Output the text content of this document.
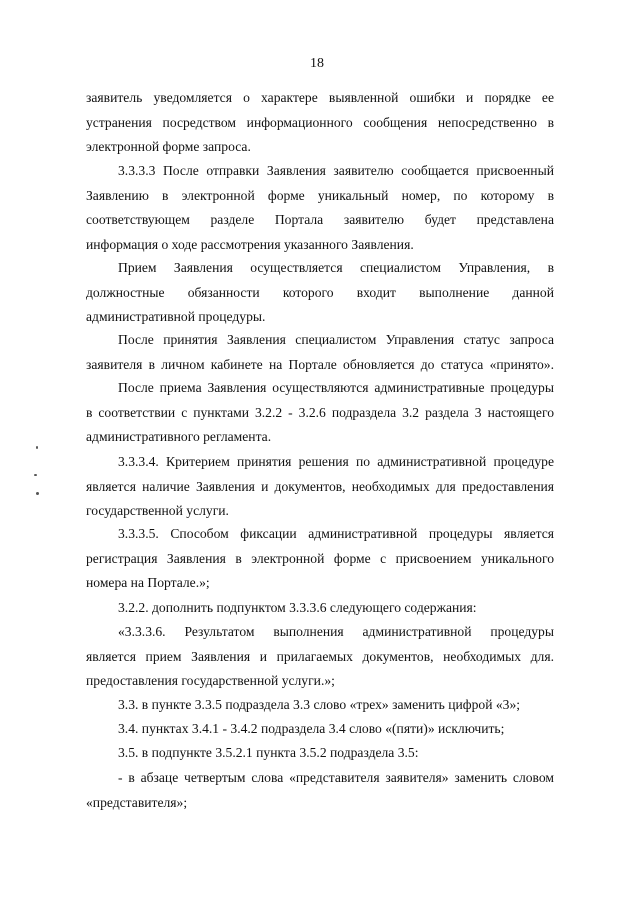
18
заявитель уведомляется о характере выявленной ошибки и порядке ее
устранения посредством информационного сообщения непосредственно в
электронной форме запроса.
3.3.3.3 После отправки Заявления заявителю сообщается присвоенный
Заявлению в электронной форме уникальный номер, по которому в
соответствующем разделе Портала заявителю будет представлена
информация о ходе рассмотрения указанного Заявления.
Прием Заявления осуществляется специалистом Управления, в
должностные обязанности которого входит выполнение данной
административной процедуры.
После принятия Заявления специалистом Управления статус запроса
заявителя в личном кабинете на Портале обновляется до статуса «принято».
После приема Заявления осуществляются административные процедуры
в соответствии с пунктами 3.2.2 - 3.2.6 подраздела 3.2 раздела 3 настоящего
административного регламента.
3.3.3.4. Критерием принятия решения по административной процедуре
является наличие Заявления и документов, необходимых для предоставления
государственной услуги.
3.3.3.5. Способом фиксации административной процедуры является
регистрация Заявления в электронной форме с присвоением уникального
номера на Портале.»;
3.2.2. дополнить подпунктом 3.3.3.6 следующего содержания:
«3.3.3.6. Результатом выполнения административной процедуры
является прием Заявления и прилагаемых документов, необходимых для.
предоставления государственной услуги.»;
3.3. в пункте 3.3.5 подраздела 3.3 слово «трех» заменить цифрой «3»;
3.4. пунктах 3.4.1 - 3.4.2 подраздела 3.4 слово «(пяти)» исключить;
3.5. в подпункте 3.5.2.1 пункта 3.5.2 подраздела 3.5:
- в абзаце четвертым слова «представителя заявителя» заменить словом
«представителя»;
